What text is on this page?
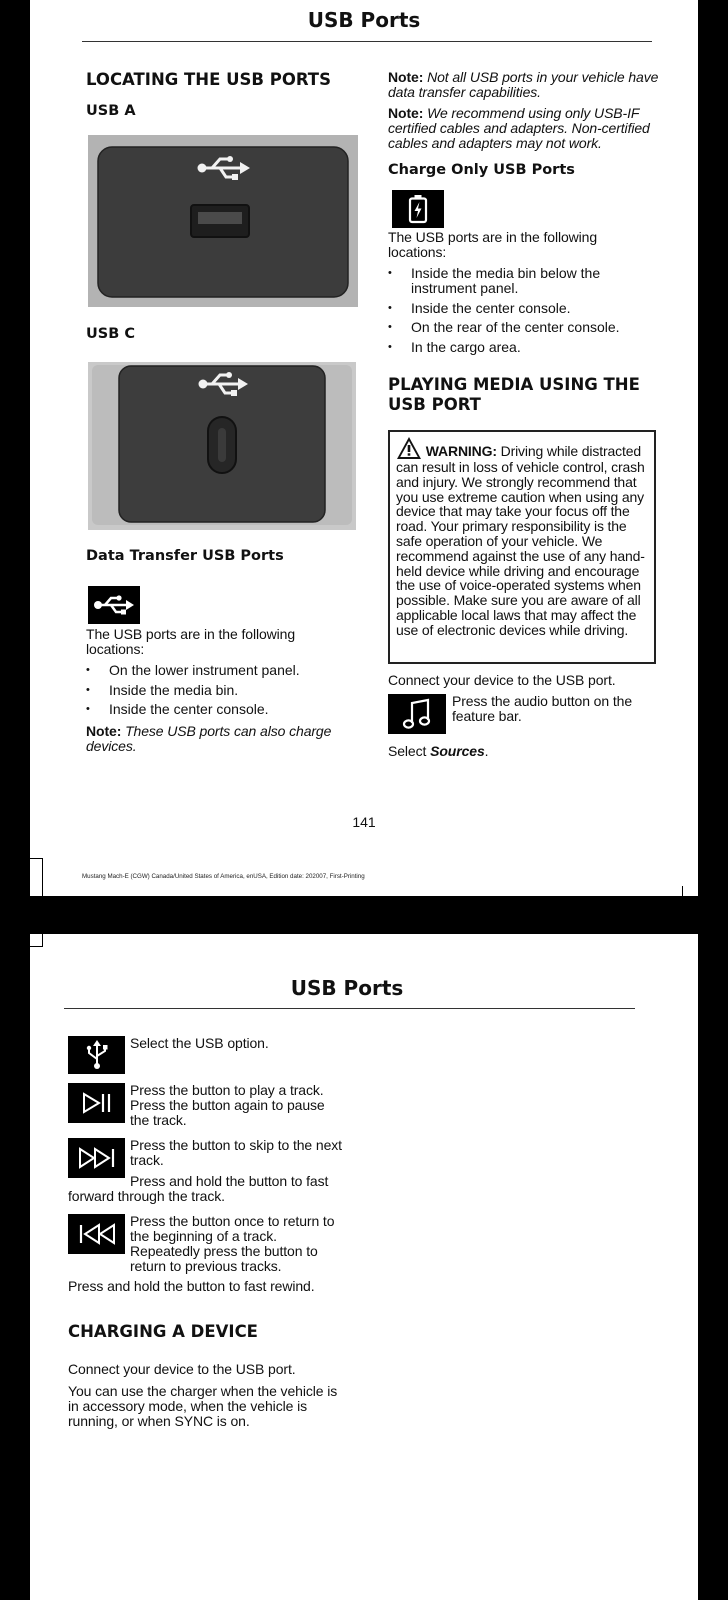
USB Ports
LOCATING THE USB PORTS
USB A
USB C
Data Transfer USB Ports
The USB ports are in the following locations:
• On the lower instrument panel.
• Inside the media bin.
• Inside the center console.
Note: These USB ports can also charge devices.
Note: Not all USB ports in your vehicle have data transfer capabilities.
Note: We recommend using only USB-IF certified cables and adapters. Non-certified cables and adapters may not work.
Charge Only USB Ports
The USB ports are in the following locations:
• Inside the media bin below the instrument panel.
• Inside the center console.
• On the rear of the center console.
• In the cargo area.
PLAYING MEDIA USING THE USB PORT
WARNING: Driving while distracted can result in loss of vehicle control, crash and injury. We strongly recommend that you use extreme caution when using any device that may take your focus off the road. Your primary responsibility is the safe operation of your vehicle. We recommend against the use of any hand-held device while driving and encourage the use of voice-operated systems when possible. Make sure you are aware of all applicable local laws that may affect the use of electronic devices while driving.
Connect your device to the USB port.
Press the audio button on the feature bar.
Select Sources.
141
Mustang Mach-E (CGW) Canada/United States of America, enUSA, Edition date: 202007, First-Printing
USB Ports
Select the USB option.
Press the button to play a track. Press the button again to pause the track.
Press the button to skip to the next track.
Press and hold the button to fast forward through the track.
Press the button once to return to the beginning of a track. Repeatedly press the button to return to previous tracks.
Press and hold the button to fast rewind.
CHARGING A DEVICE
Connect your device to the USB port.
You can use the charger when the vehicle is in accessory mode, when the vehicle is running, or when SYNC is on.
